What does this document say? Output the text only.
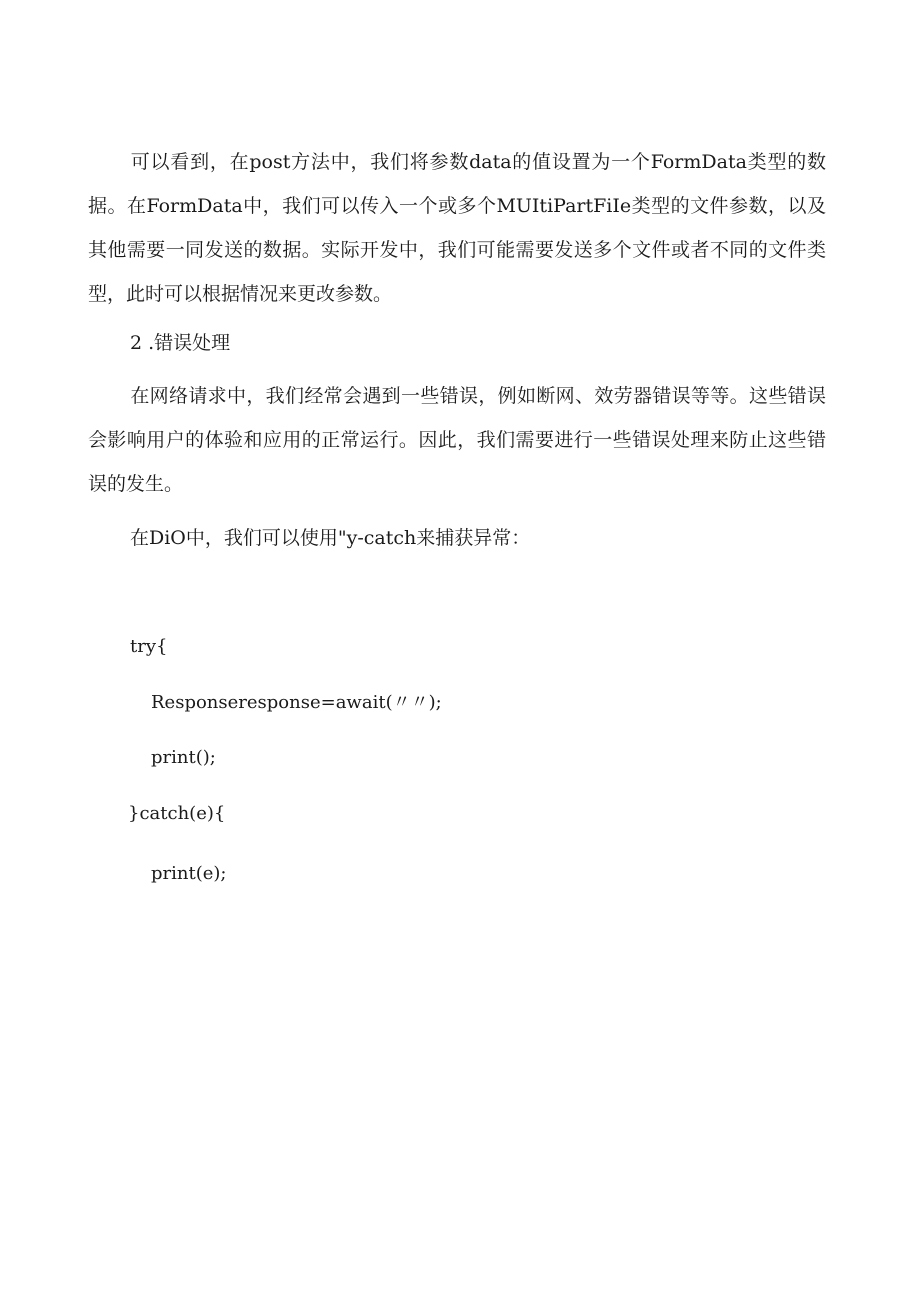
可以看到，在post方法中，我们将参数data的值设置为一个FormData类型的数据。在FormData中，我们可以传入一个或多个MUItiPartFiIe类型的文件参数，以及其他需要一同发送的数据。实际开发中，我们可能需要发送多个文件或者不同的文件类型，此时可以根据情况来更改参数。

2 .错误处理

在网络请求中，我们经常会遇到一些错误，例如断网、效劳器错误等等。这些错误会影响用户的体验和应用的正常运行。因此，我们需要进行一些错误处理来防止这些错误的发生。

在DiO中，我们可以使用"y-catch来捕获异常：

try{

Responseresponse=await(〃〃);

print();

}catch(e){

print(e);
